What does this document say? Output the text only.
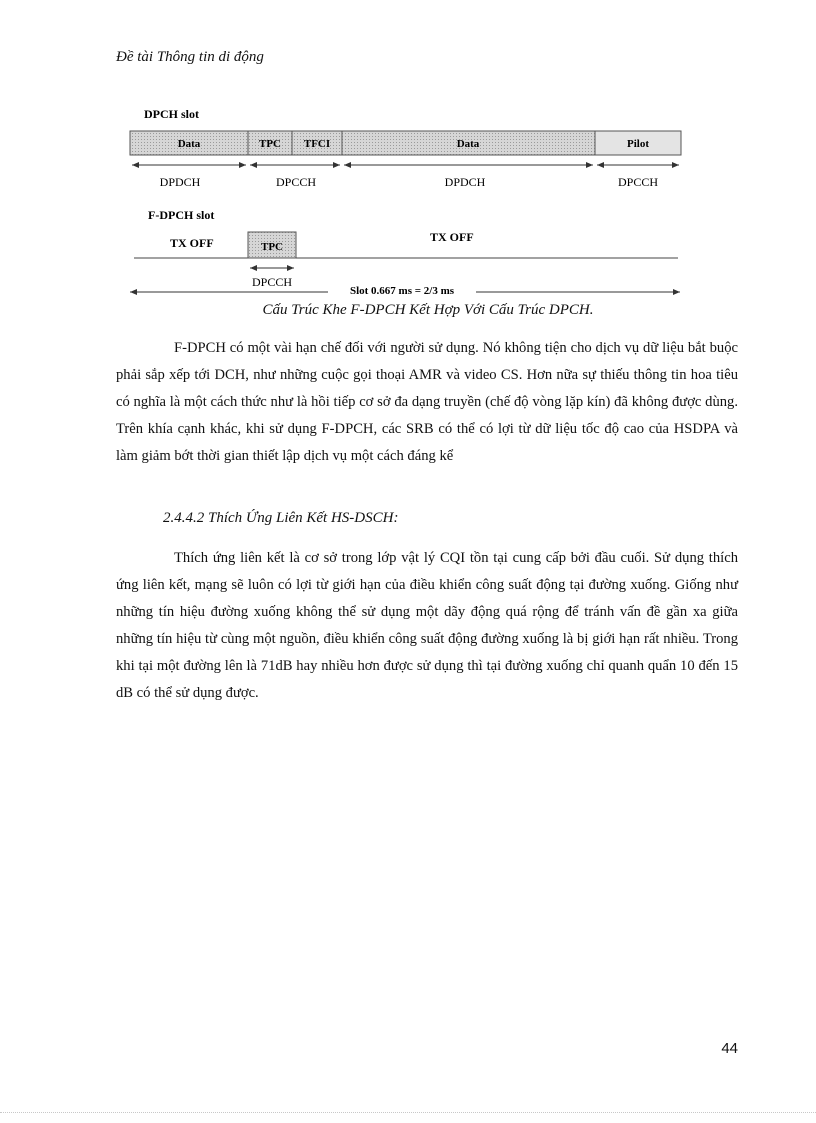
Đề tài Thông tin di động
DPCH slot
Data	TPC TFCI	Data	Pilot
DPDCH	DPCCH	DPDCH	DPCCH
F-DPCH slot
TX OFF	TX OFF
TPC
DPCCH
Slot 0.667 ms = 2/3 ms
Cấu Trúc Khe F-DPCH Kết Hợp Với Cấu Trúc DPCH.

F-DPCH có một vài hạn chế đối với người sử dụng. Nó không tiện cho dịch vụ dữ liệu bắt buộc phải sắp xếp tới DCH, như những cuộc gọi thoại AMR và video CS. Hơn nữa sự thiếu thông tin hoa tiêu có nghĩa là một cách thức như là hồi tiếp cơ sở đa dạng truyền (chế độ vòng lặp kín) đã không được dùng. Trên khía cạnh khác, khi sử dụng F-DPCH, các SRB có thể có lợi từ dữ liệu tốc độ cao của HSDPA và làm giảm bớt thời gian thiết lập dịch vụ một cách đáng kể

2.4.4.2 Thích Ứng Liên Kết HS-DSCH:

Thích ứng liên kết là cơ sở trong lớp vật lý CQI tồn tại cung cấp bởi đầu cuối. Sử dụng thích ứng liên kết, mạng sẽ luôn có lợi từ giới hạn của điều khiển công suất động tại đường xuống. Giống như những tín hiệu đường xuống không thể sử dụng một dãy động quá rộng để tránh vấn đề gần xa giữa những tín hiệu từ cùng một nguồn, điều khiển công suất động đường xuống là bị giới hạn rất nhiều. Trong khi tại một đường lên là 71dB hay nhiều hơn được sử dụng thì tại đường xuống chỉ quanh quẩn 10 đến 15 dB có thể sử dụng được.

44
